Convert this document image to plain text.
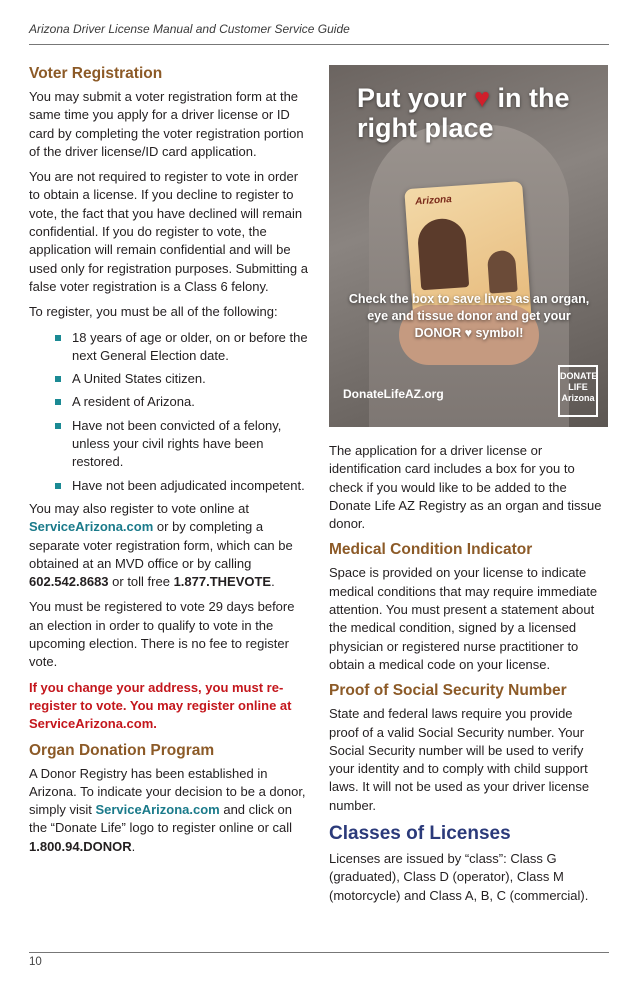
Arizona Driver License Manual and Customer Service Guide
Voter Registration

You may submit a voter registration form at the same time you apply for a driver license or ID card by completing the voter registration portion of the driver license/ID card application.

You are not required to register to vote in order to obtain a license. If you decline to register to vote, the fact that you have declined will remain confidential. If you do register to vote, the application will remain confidential and will be used only for registration purposes. Submitting a false voter registration is a Class 6 felony.

To register, you must be all of the following:

18 years of age or older, on or before the next General Election date.
A United States citizen.
A resident of Arizona.
Have not been convicted of a felony, unless your civil rights have been restored.
Have not been adjudicated incompetent.

You may also register to vote online at ServiceArizona.com or by completing a separate voter registration form, which can be obtained at an MVD office or by calling 602.542.8683 or toll free 1.877.THEVOTE.

You must be registered to vote 29 days before an election in order to qualify to vote in the upcoming election. There is no fee to register vote.

If you change your address, you must re-register to vote. You may register online at ServiceArizona.com.

Organ Donation Program

A Donor Registry has been established in Arizona. To indicate your decision to be a donor, simply visit ServiceArizona.com and click on the “Donate Life” logo to register online or call 1.800.94.DONOR.

Arizona
Put your ♥ in the right place
Check the box to save lives as an organ, eye and tissue donor and get your DONOR ♥ symbol!
DonateLifeAZ.org
DONATE LIFE Arizona

The application for a driver license or identification card includes a box for you to check if you would like to be added to the Donate Life AZ Registry as an organ and tissue donor.

Medical Condition Indicator

Space is provided on your license to indicate medical conditions that may require immediate attention. You must present a statement about the medical condition, signed by a licensed physician or registered nurse practitioner to obtain a medical code on your license.

Proof of Social Security Number

State and federal laws require you provide proof of a valid Social Security number. Your Social Security number will be used to verify your identity and to comply with child support laws. It will not be used as your driver license number.

Classes of Licenses

Licenses are issued by “class”: Class G (graduated), Class D (operator), Class M (motorcycle) and Class A, B, C (commercial).

10
